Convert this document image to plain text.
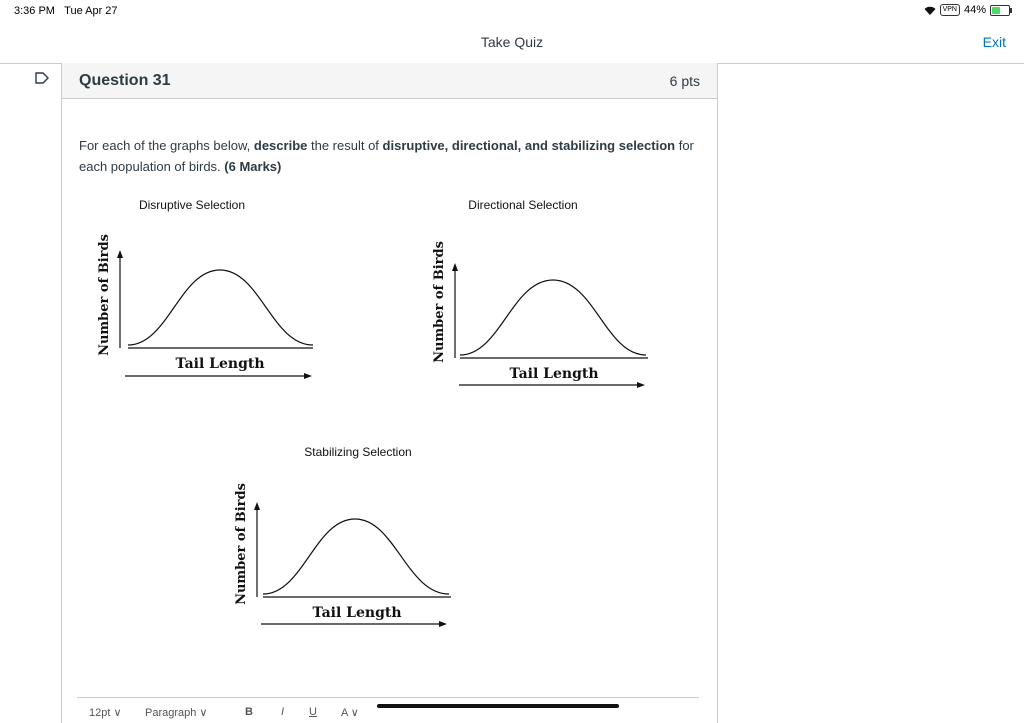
3:36 PM Tue Apr 27	VPN 44%
Take Quiz	Exit
Question 31	6 pts
For each of the graphs below, describe the result of disruptive, directional, and stabilizing selection for each population of birds. (6 Marks)
Disruptive Selection
Number of Birds
Tail Length
Directional Selection
Number of Birds
Tail Length
Stabilizing Selection
Number of Birds
Tail Length
12pt ∨ Paragraph ∨	B	I U A ∨
